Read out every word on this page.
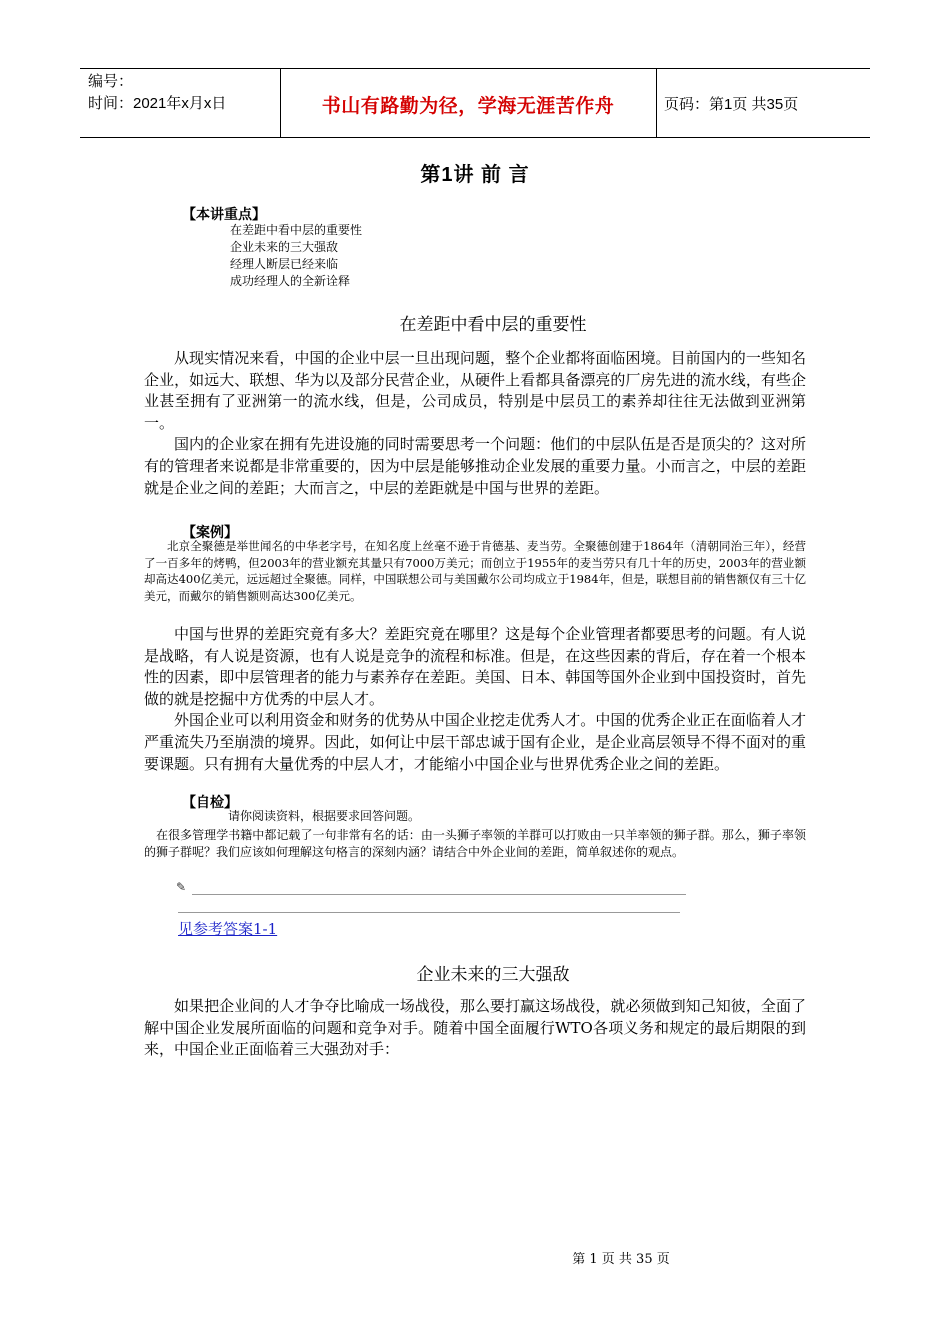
编号：
时间：2021年x月x日	书山有路勤为径，学海无涯苦作舟	页码：第1页 共35页
第1讲 前 言
【本讲重点】
在差距中看中层的重要性
企业未来的三大强敌
经理人断层已经来临
成功经理人的全新诠释
在差距中看中层的重要性

从现实情况来看，中国的企业中层一旦出现问题，整个企业都将面临困境。目前国内的一些知名企业，如远大、联想、华为以及部分民营企业，从硬件上看都具备漂亮的厂房先进的流水线，有些企业甚至拥有了亚洲第一的流水线，但是，公司成员，特别是中层员工的素养却往往无法做到亚洲第一。

国内的企业家在拥有先进设施的同时需要思考一个问题：他们的中层队伍是否是顶尖的？这对所有的管理者来说都是非常重要的，因为中层是能够推动企业发展的重要力量。小而言之，中层的差距就是企业之间的差距；大而言之，中层的差距就是中国与世界的差距。

【案例】

北京全聚德是举世闻名的中华老字号，在知名度上丝毫不逊于肯德基、麦当劳。全聚德创建于1864年（清朝同治三年），经营了一百多年的烤鸭，但2003年的营业额充其量只有7000万美元；而创立于1955年的麦当劳只有几十年的历史，2003年的营业额却高达400亿美元，远远超过全聚德。同样，中国联想公司与美国戴尔公司均成立于1984年，但是，联想目前的销售额仅有三十亿美元，而戴尔的销售额则高达300亿美元。

中国与世界的差距究竟有多大？差距究竟在哪里？这是每个企业管理者都要思考的问题。有人说是战略，有人说是资源，也有人说是竞争的流程和标准。但是，在这些因素的背后，存在着一个根本性的因素，即中层管理者的能力与素养存在差距。美国、日本、韩国等国外企业到中国投资时，首先做的就是挖掘中方优秀的中层人才。

外国企业可以利用资金和财务的优势从中国企业挖走优秀人才。中国的优秀企业正在面临着人才严重流失乃至崩溃的境界。因此，如何让中层干部忠诚于国有企业，是企业高层领导不得不面对的重要课题。只有拥有大量优秀的中层人才，才能缩小中国企业与世界优秀企业之间的差距。

【自检】
请你阅读资料，根据要求回答问题。

在很多管理学书籍中都记载了一句非常有名的话：由一头狮子率领的羊群可以打败由一只羊率领的狮子群。那么，狮子率领的狮子群呢？我们应该如何理解这句格言的深刻内涵？请结合中外企业间的差距，简单叙述你的观点。

✎
见参考答案1-1
企业未来的三大强敌

如果把企业间的人才争夺比喻成一场战役，那么要打赢这场战役，就必须做到知己知彼，全面了解中国企业发展所面临的问题和竞争对手。随着中国全面履行WTO各项义务和规定的最后期限的到来，中国企业正面临着三大强劲对手：

第 1 页 共 35 页
